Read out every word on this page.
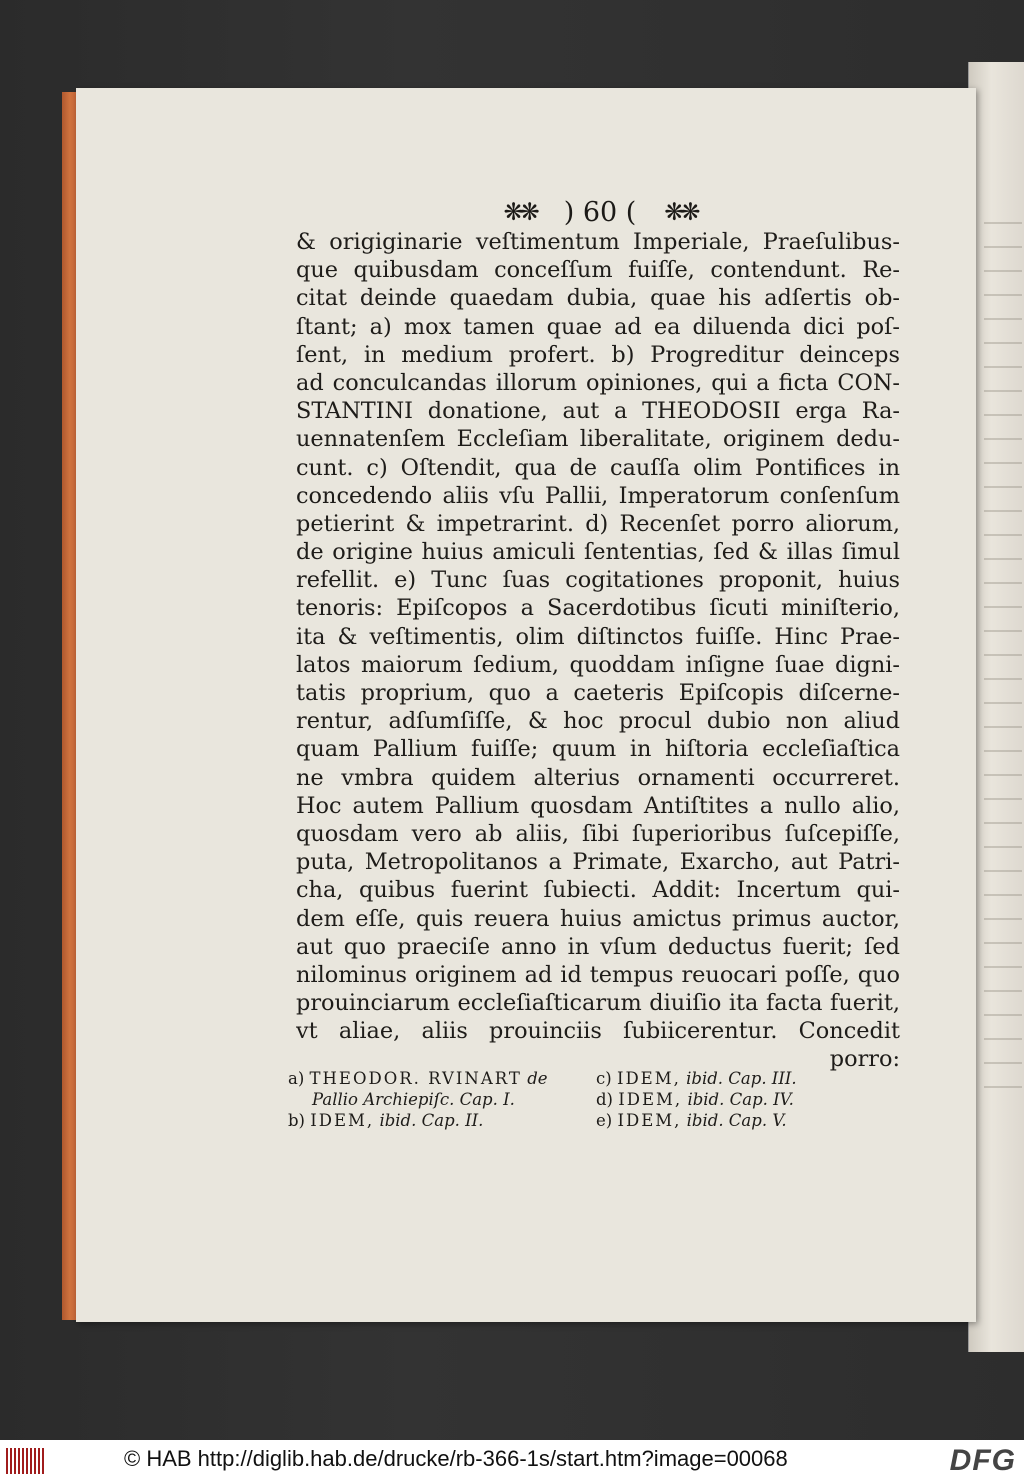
❋❋ ) 60 ( ❋❋
& origiginarie veſtimentum Imperiale, Praeſulibus-
que quibusdam conceſſum fuiſſe, contendunt. Re-
citat deinde quaedam dubia, quae his adſertis ob-
ſtant; a) mox tamen quae ad ea diluenda dici poſ-
ſent, in medium profert. b) Progreditur deinceps
ad conculcandas illorum opiniones, qui a ficta CON-
STANTINI donatione, aut a THEODOSII erga Ra-
uennatenſem Eccleſiam liberalitate, originem dedu-
cunt. c) Oſtendit, qua de cauſſa olim Pontifices in
concedendo aliis vſu Pallii, Imperatorum conſenſum
petierint & impetrarint. d) Recenſet porro aliorum,
de origine huius amiculi ſententias, ſed & illas ſimul
refellit. e) Tunc ſuas cogitationes proponit, huius
tenoris: Epiſcopos a Sacerdotibus ſicuti miniſterio,
ita & veſtimentis, olim diſtinctos fuiſſe. Hinc Prae-
latos maiorum ſedium, quoddam inſigne ſuae digni-
tatis proprium, quo a caeteris Epiſcopis diſcerne-
rentur, adſumſiſſe, & hoc procul dubio non aliud
quam Pallium fuiſſe; quum in hiſtoria eccleſiaſtica
ne vmbra quidem alterius ornamenti occurreret.
Hoc autem Pallium quosdam Antiſtites a nullo alio,
quosdam vero ab aliis, ſibi ſuperioribus ſuſcepiſſe,
puta, Metropolitanos a Primate, Exarcho, aut Patri-
cha, quibus fuerint ſubiecti. Addit: Incertum qui-
dem eſſe, quis reuera huius amictus primus auctor,
aut quo praeciſe anno in vſum deductus fuerit; ſed
nilominus originem ad id tempus reuocari poſſe, quo
prouinciarum eccleſiaſticarum diuiſio ita facta fuerit,
vt aliae, aliis prouinciis ſubiicerentur. Concedit
porro:
a) THEODOR. RVINART de
Pallio Archiepiſc. Cap. I.
b) IDEM, ibid. Cap. II.
c) IDEM, ibid. Cap. III.
d) IDEM, ibid. Cap. IV.
e) IDEM, ibid. Cap. V.
© HAB http://diglib.hab.de/drucke/rb-366-1s/start.htm?image=00068	DFG
